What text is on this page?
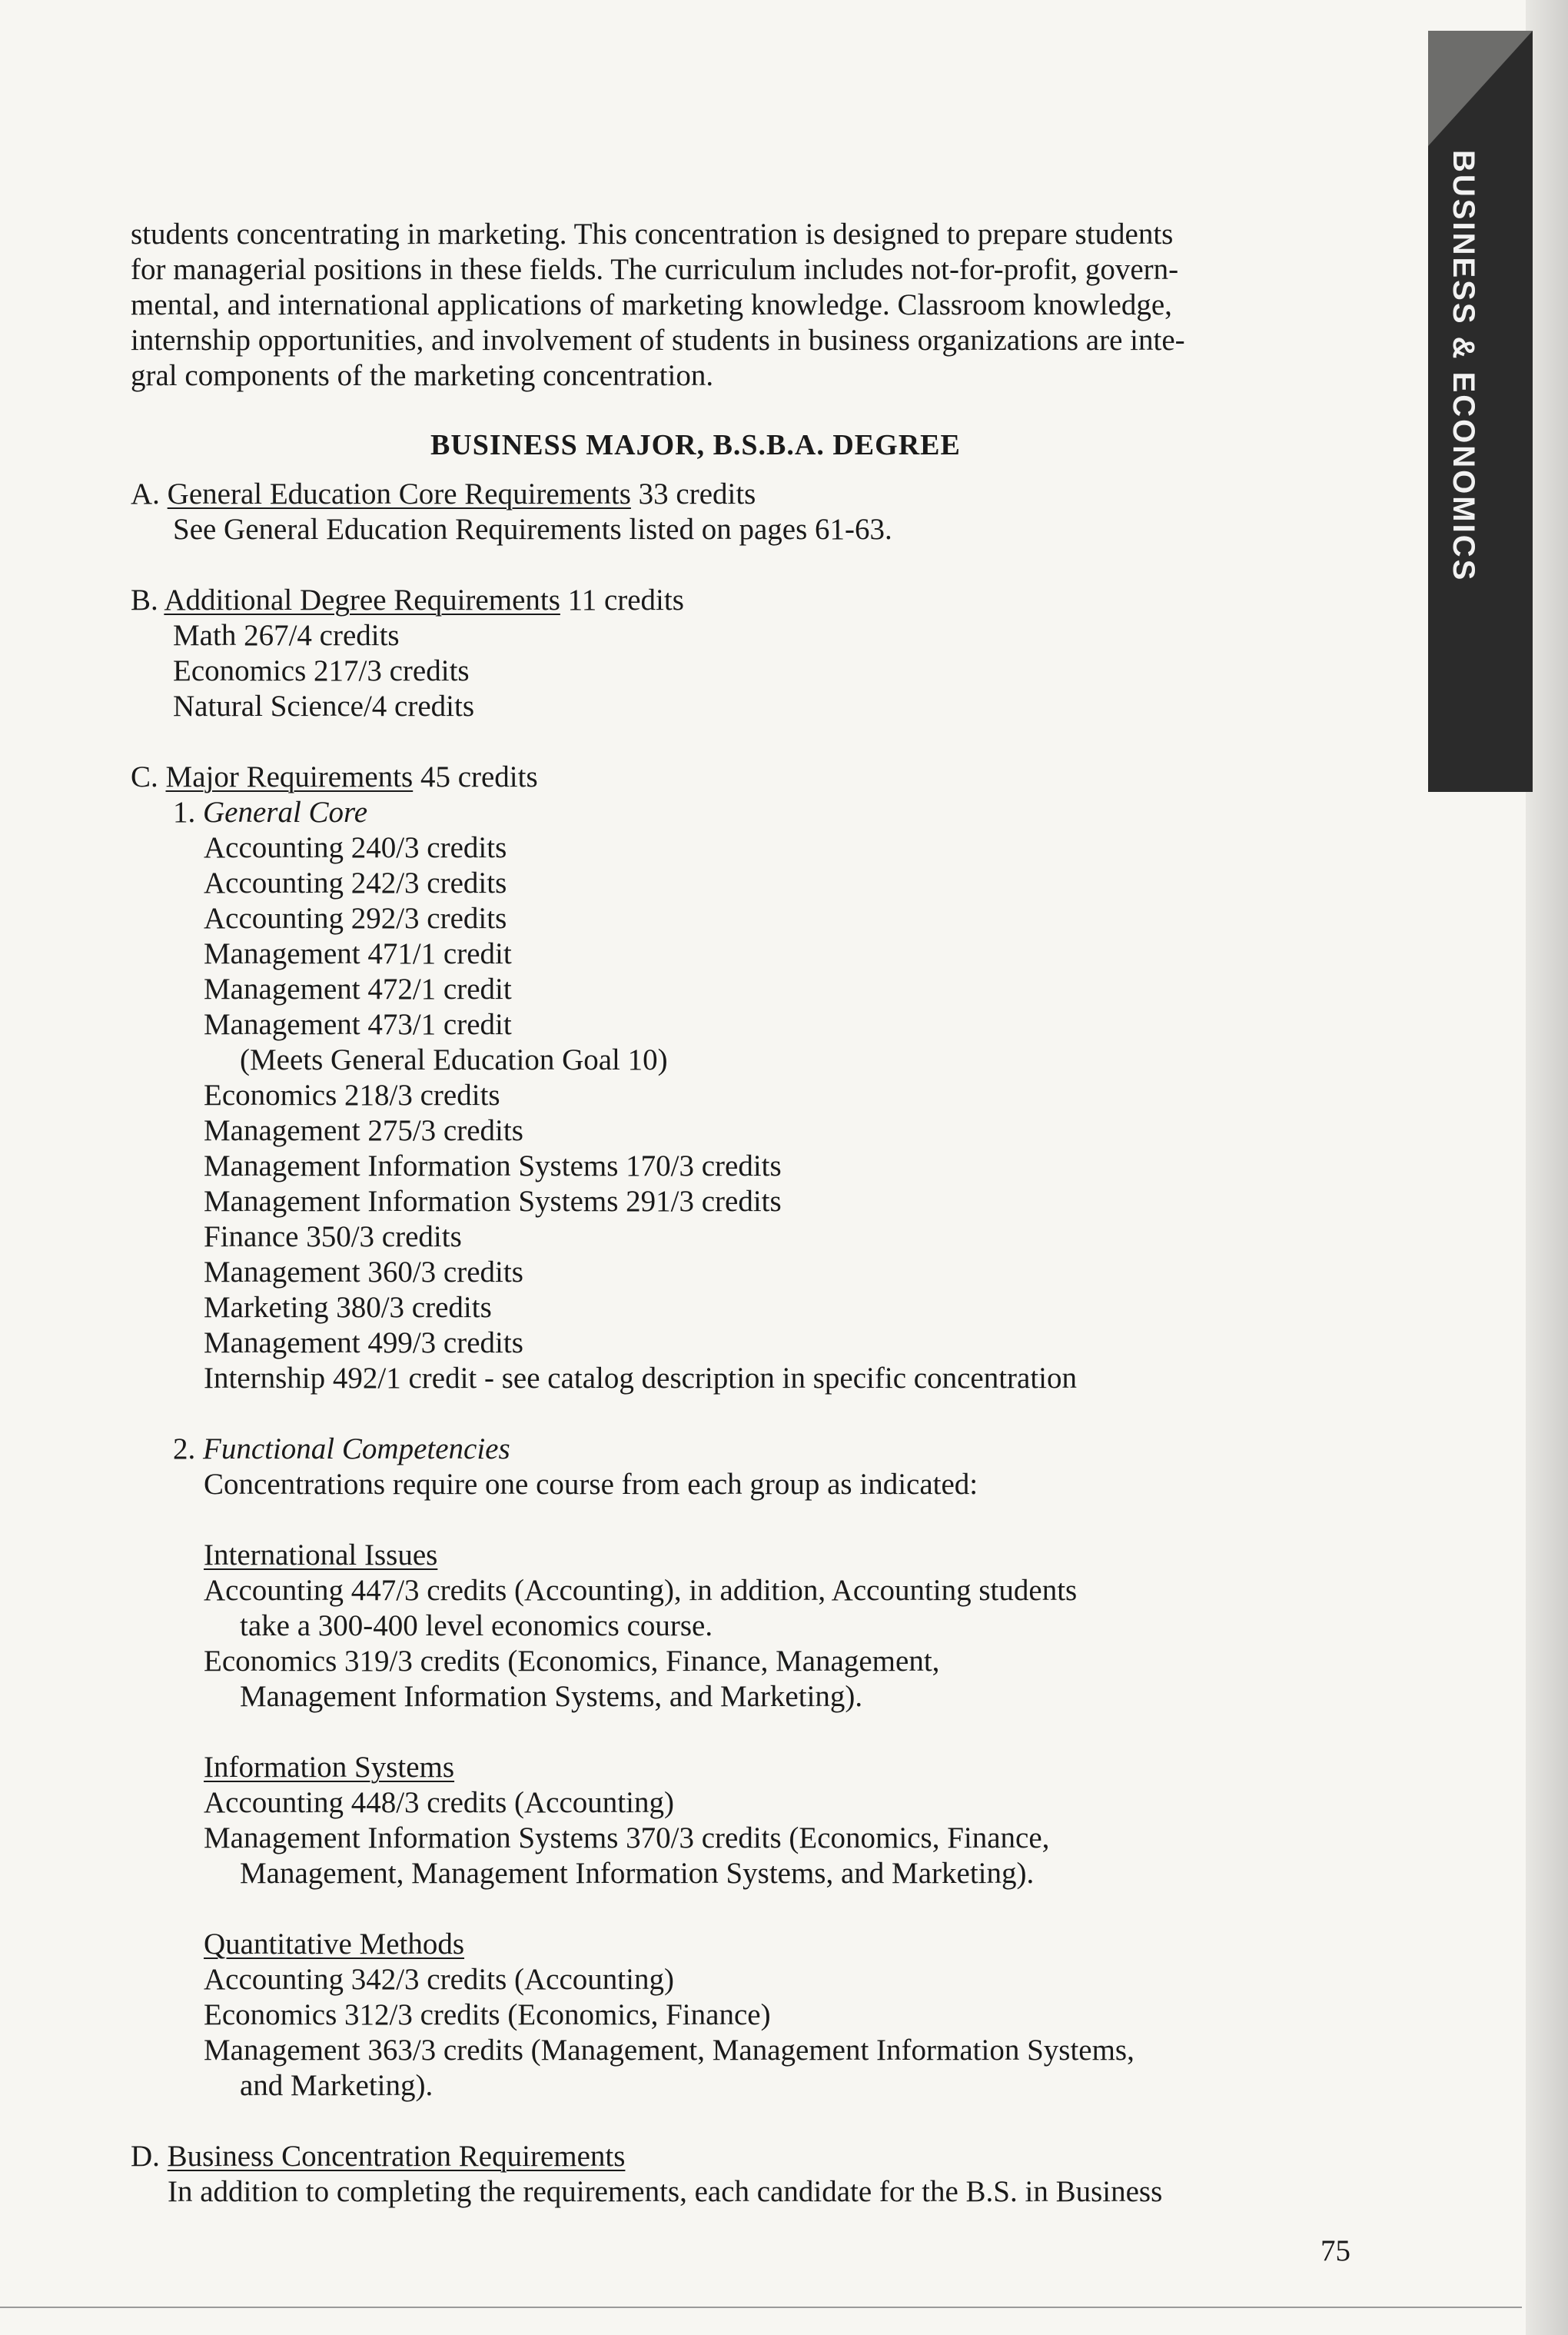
BUSINESS & ECONOMICS
students concentrating in marketing. This concentration is designed to prepare students
for managerial positions in these fields. The curriculum includes not-for-profit, govern-
mental, and international applications of marketing knowledge. Classroom knowledge,
internship opportunities, and involvement of students in business organizations are inte-
gral components of the marketing concentration.
BUSINESS MAJOR, B.S.B.A. DEGREE
A. General Education Core Requirements 33 credits
See General Education Requirements listed on pages 61-63.
B. Additional Degree Requirements 11 credits
Math 267/4 credits
Economics 217/3 credits
Natural Science/4 credits
C. Major Requirements 45 credits
1. General Core
Accounting 240/3 credits
Accounting 242/3 credits
Accounting 292/3 credits
Management 471/1 credit
Management 472/1 credit
Management 473/1 credit
(Meets General Education Goal 10)
Economics 218/3 credits
Management 275/3 credits
Management Information Systems 170/3 credits
Management Information Systems 291/3 credits
Finance 350/3 credits
Management 360/3 credits
Marketing 380/3 credits
Management 499/3 credits
Internship 492/1 credit - see catalog description in specific concentration
2. Functional Competencies
Concentrations require one course from each group as indicated:
International Issues
Accounting 447/3 credits (Accounting), in addition, Accounting students
take a 300-400 level economics course.
Economics 319/3 credits (Economics, Finance, Management,
Management Information Systems, and Marketing).
Information Systems
Accounting 448/3 credits (Accounting)
Management Information Systems 370/3 credits (Economics, Finance,
Management, Management Information Systems, and Marketing).
Quantitative Methods
Accounting 342/3 credits (Accounting)
Economics 312/3 credits (Economics, Finance)
Management 363/3 credits (Management, Management Information Systems,
and Marketing).
D. Business Concentration Requirements
In addition to completing the requirements, each candidate for the B.S. in Business
75
